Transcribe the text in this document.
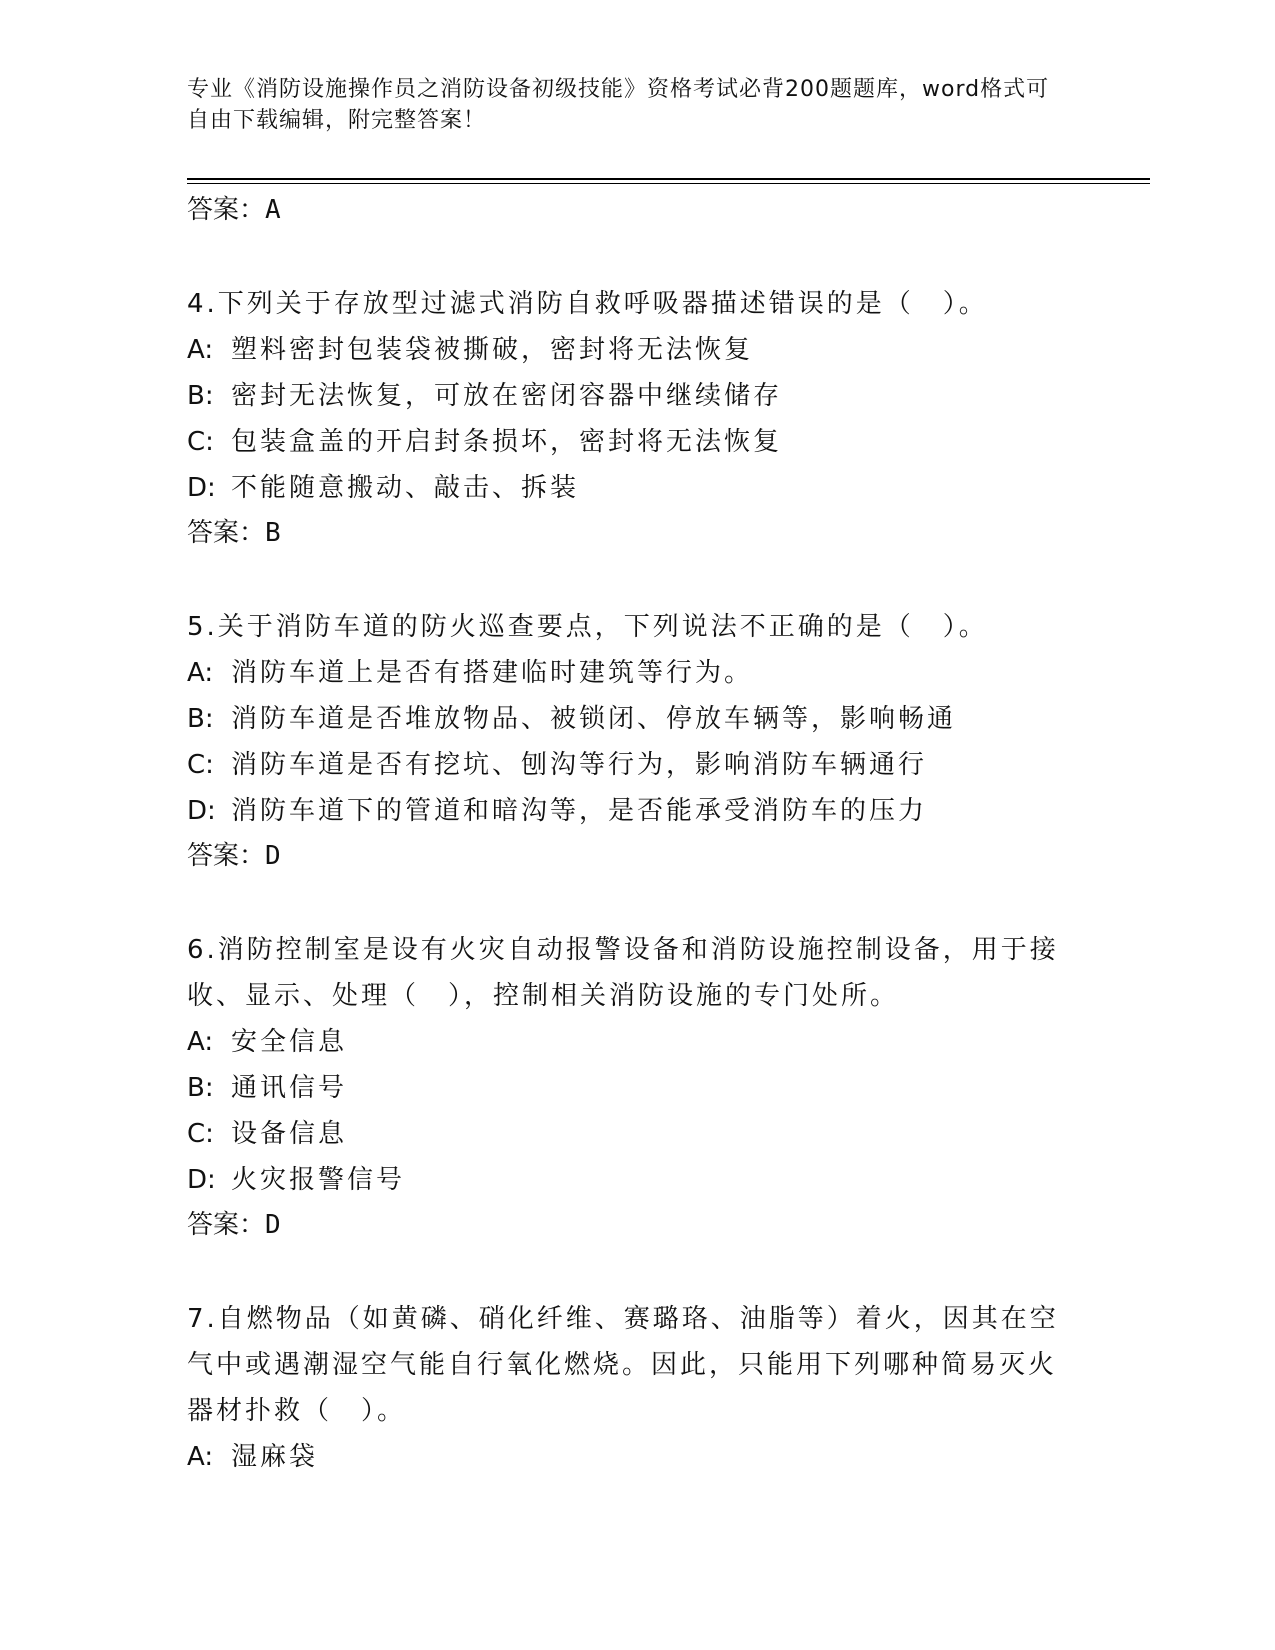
专业《消防设施操作员之消防设备初级技能》资格考试必背200题题库，word格式可自由下载编辑，附完整答案！
答案：A
4.下列关于存放型过滤式消防自救呼吸器描述错误的是（　）。
A: 塑料密封包装袋被撕破，密封将无法恢复
B: 密封无法恢复，可放在密闭容器中继续储存
C: 包装盒盖的开启封条损坏，密封将无法恢复
D: 不能随意搬动、敲击、拆装
答案：B
5.关于消防车道的防火巡查要点，下列说法不正确的是（　）。
A: 消防车道上是否有搭建临时建筑等行为。
B: 消防车道是否堆放物品、被锁闭、停放车辆等，影响畅通
C: 消防车道是否有挖坑、刨沟等行为，影响消防车辆通行
D: 消防车道下的管道和暗沟等，是否能承受消防车的压力
答案：D
6.消防控制室是设有火灾自动报警设备和消防设施控制设备，用于接收、显示、处理（　），控制相关消防设施的专门处所。
A: 安全信息
B: 通讯信号
C: 设备信息
D: 火灾报警信号
答案：D
7.自燃物品（如黄磷、硝化纤维、赛璐珞、油脂等）着火，因其在空气中或遇潮湿空气能自行氧化燃烧。因此，只能用下列哪种简易灭火器材扑救（　）。
A: 湿麻袋
